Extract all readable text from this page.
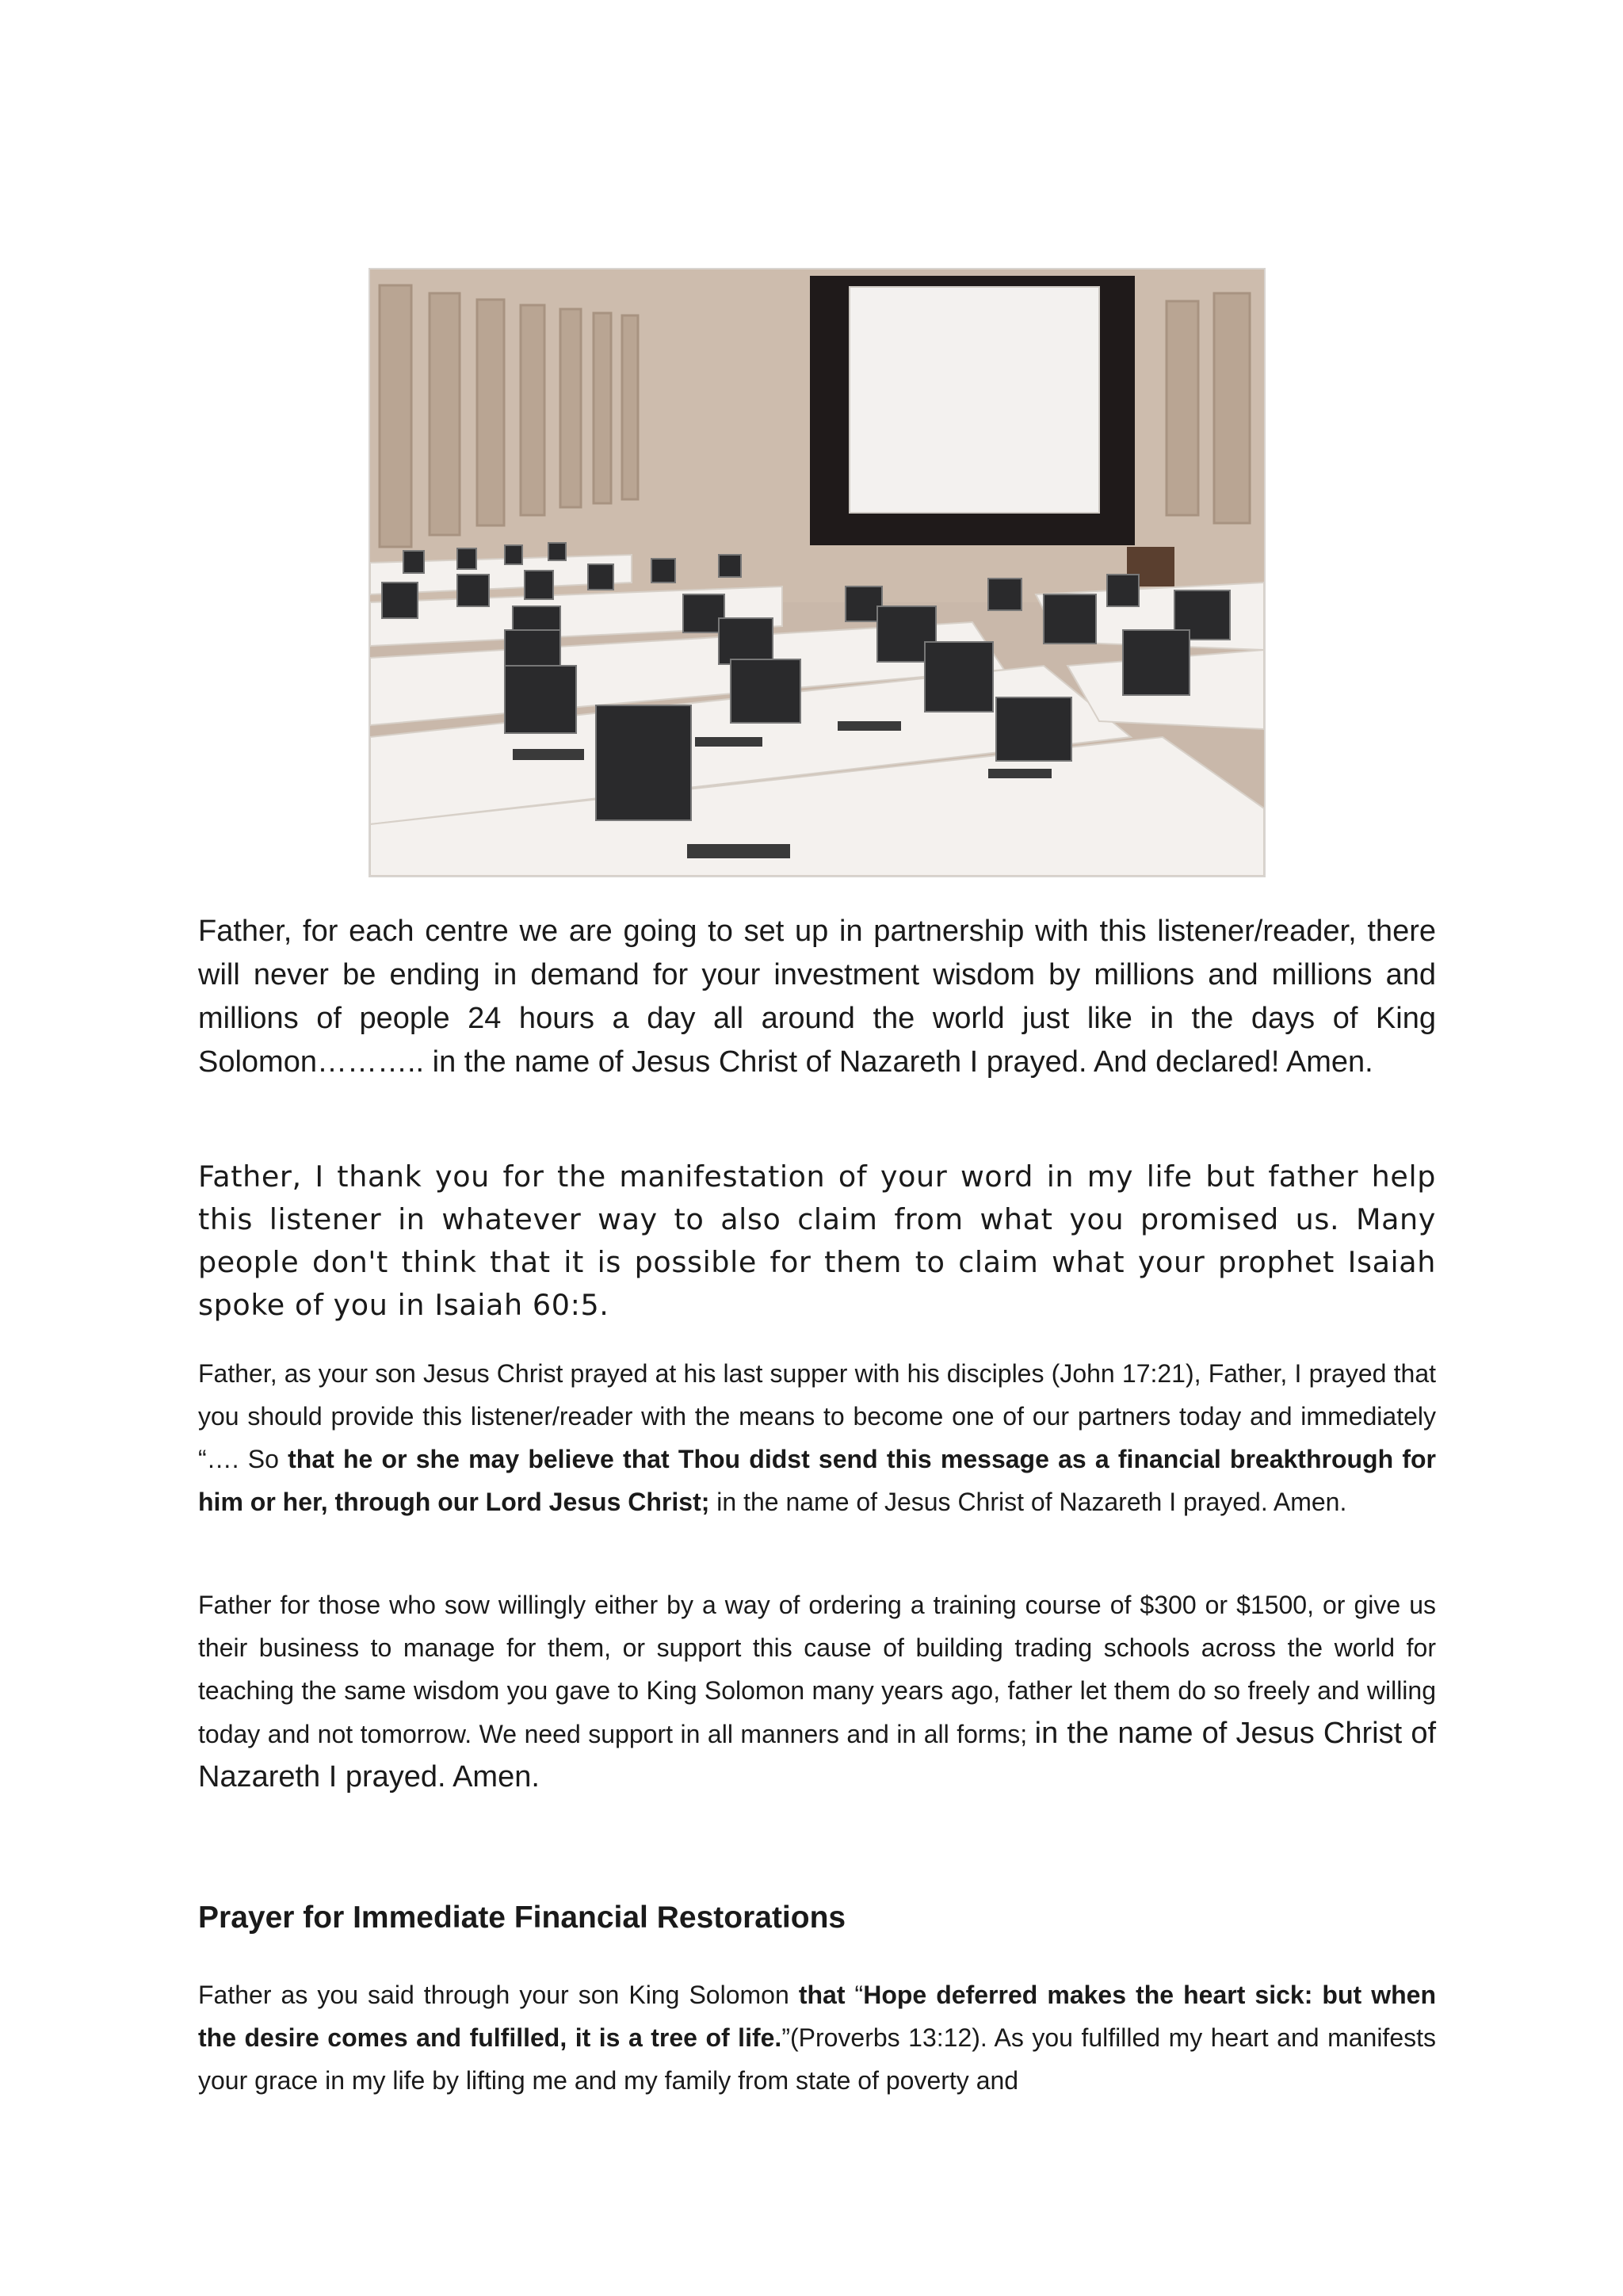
Father, for each centre we are going to set up in partnership with this listener/reader, there will never be ending in demand for your investment wisdom by millions and millions and millions of people 24 hours a day all around the world just like in the days of King Solomon……….. in the name of Jesus Christ of Nazareth I prayed. And declared! Amen.

Father, I thank you for the manifestation of your word in my life but father help this listener in whatever way to also claim from what you promised us. Many people don't think that it is possible for them to claim what your prophet Isaiah spoke of you in Isaiah 60:5.

Father, as your son Jesus Christ prayed at his last supper with his disciples (John 17:21), Father, I prayed that you should provide this listener/reader with the means to become one of our partners today and immediately “…. So that he or she may believe that Thou didst send this message as a financial breakthrough for him or her, through our Lord Jesus Christ; in the name of Jesus Christ of Nazareth I prayed. Amen.

Father for those who sow willingly either by a way of ordering a training course of $300 or $1500, or give us their business to manage for them, or support this cause of building trading schools across the world for teaching the same wisdom you gave to King Solomon many years ago, father let them do so freely and willing today and not tomorrow. We need support in all manners and in all forms; in the name of Jesus Christ of Nazareth I prayed. Amen.

Prayer for Immediate Financial Restorations

Father as you said through your son King Solomon that “Hope deferred makes the heart sick: but when the desire comes and fulfilled, it is a tree of life.”(Proverbs 13:12). As you fulfilled my heart and manifests your grace in my life by lifting me and my family from state of poverty and
